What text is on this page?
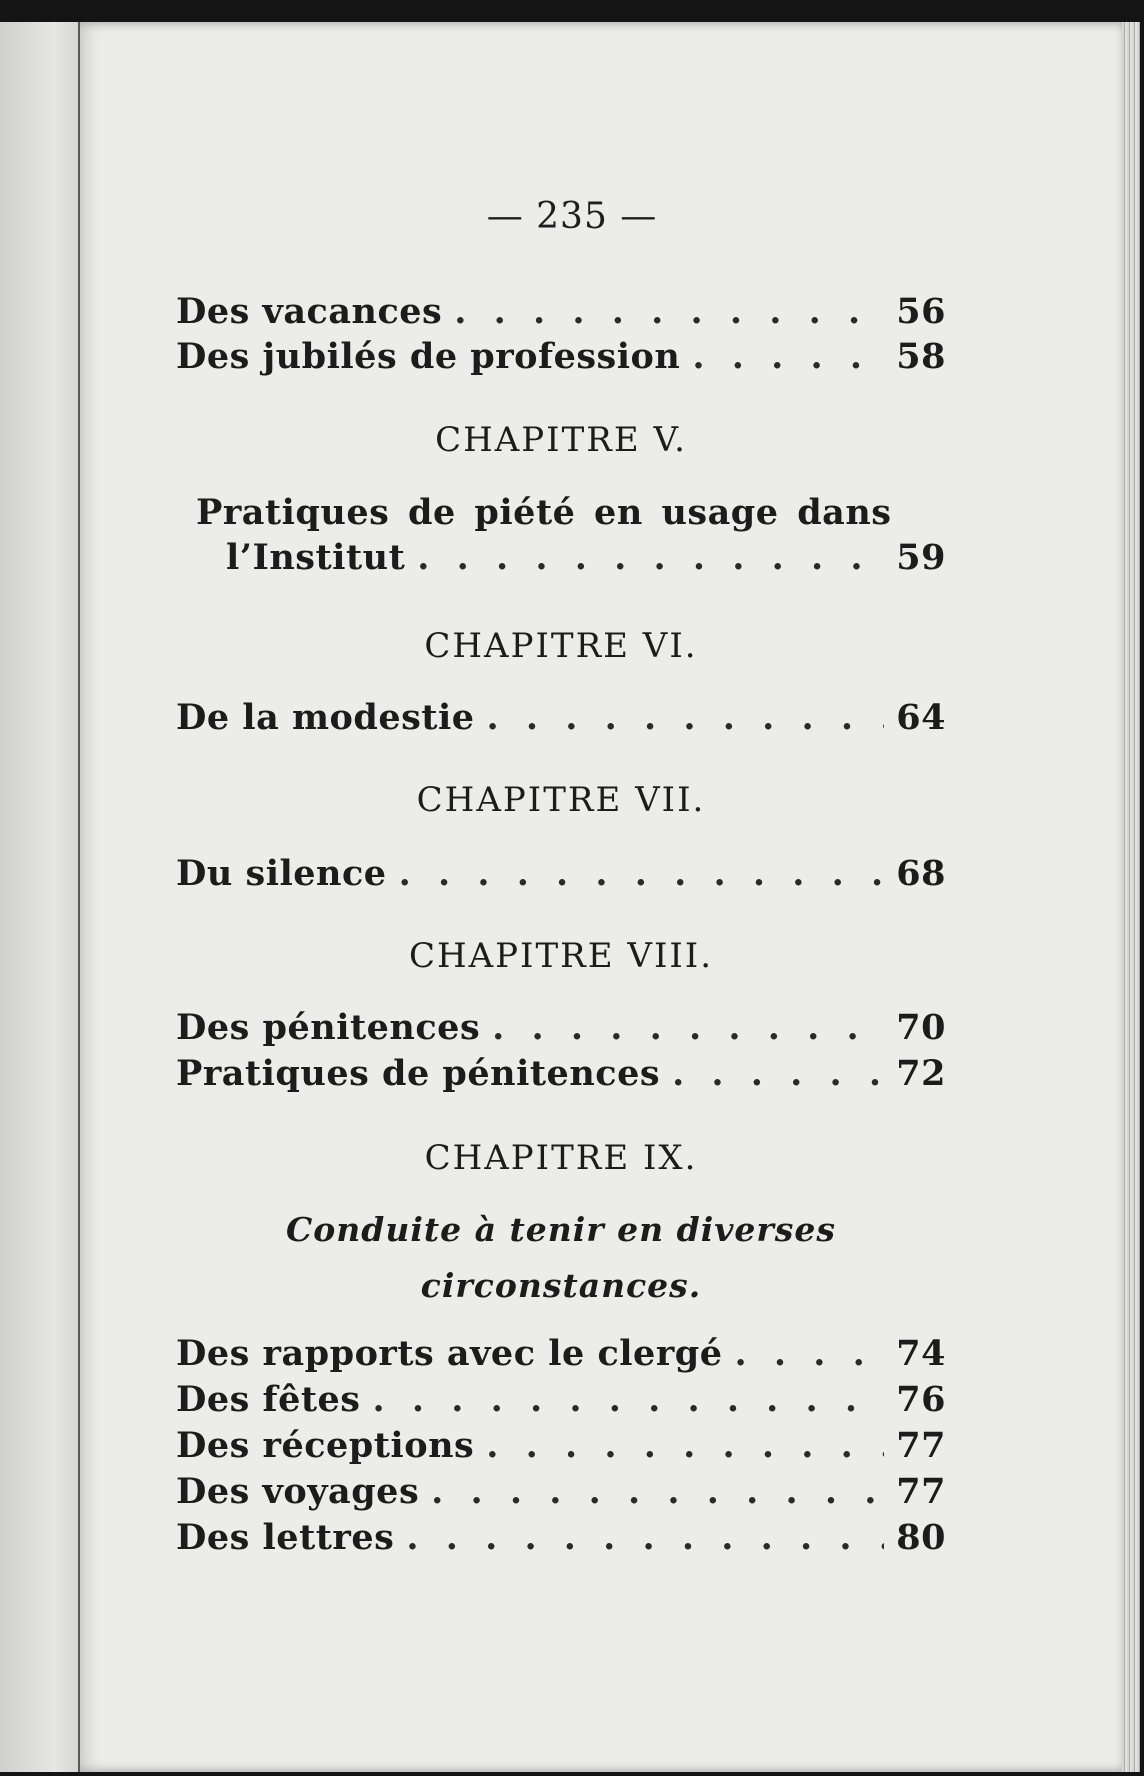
— 235 —
Des vacances . . .	56
Des jubilés de profession . . .	58
CHAPITRE V.
Pratiques de piété en usage dans
l’Institut . . .	59
CHAPITRE VI.
De la modestie . . .	64
CHAPITRE VII.
Du silence . . .	68
CHAPITRE VIII.
Des pénitences . . .	70
Pratiques de pénitences . . .	72
CHAPITRE IX.
Conduite à tenir en diverses
circonstances.
Des rapports avec le clergé . . .	74
Des fêtes . . .	76
Des réceptions . . .	77
Des voyages . . .	77
Des lettres . . .	80
